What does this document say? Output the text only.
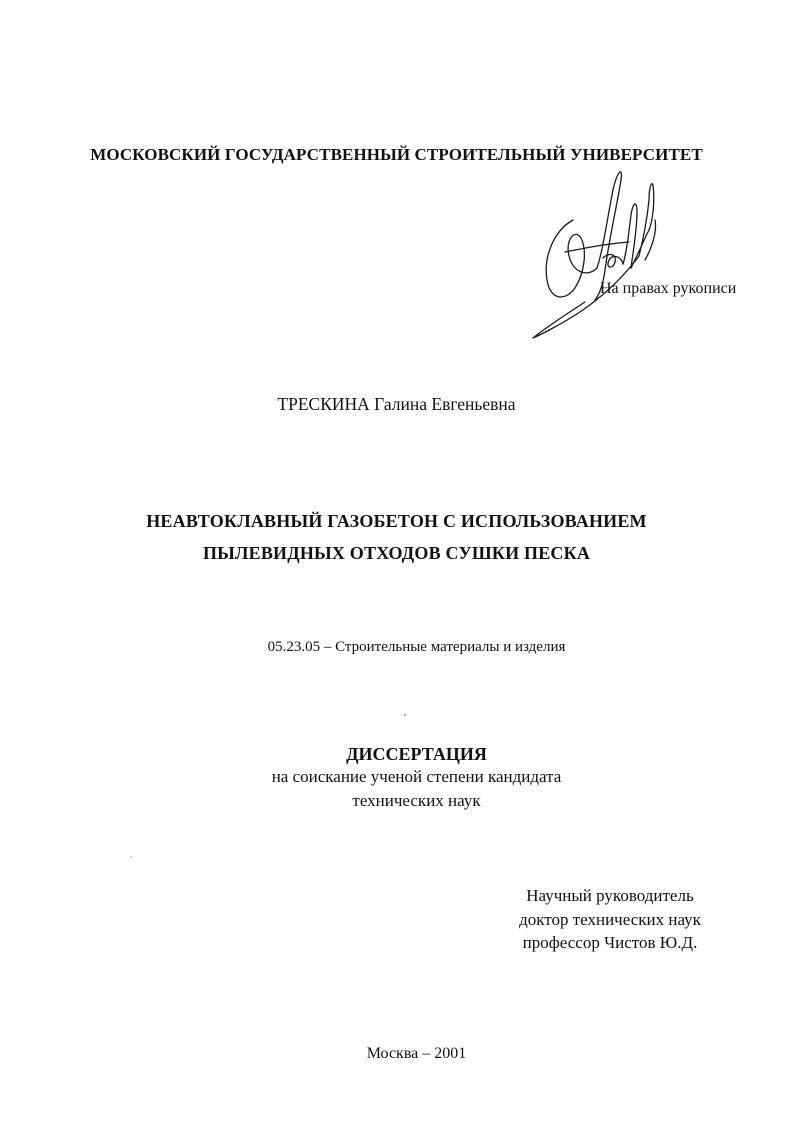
МОСКОВСКИЙ ГОСУДАРСТВЕННЫЙ СТРОИТЕЛЬНЫЙ УНИВЕРСИТЕТ
На правах рукописи
ТРЕСКИНА Галина Евгеньевна
НЕАВТОКЛАВНЫЙ ГАЗОБЕТОН С ИСПОЛЬЗОВАНИЕМ
ПЫЛЕВИДНЫХ ОТХОДОВ СУШКИ ПЕСКА
05.23.05 – Строительные материалы и изделия
ДИССЕРТАЦИЯ
на соискание ученой степени кандидата
технических наук
Научный руководитель
доктор технических наук
профессор Чистов Ю.Д.
Москва – 2001
